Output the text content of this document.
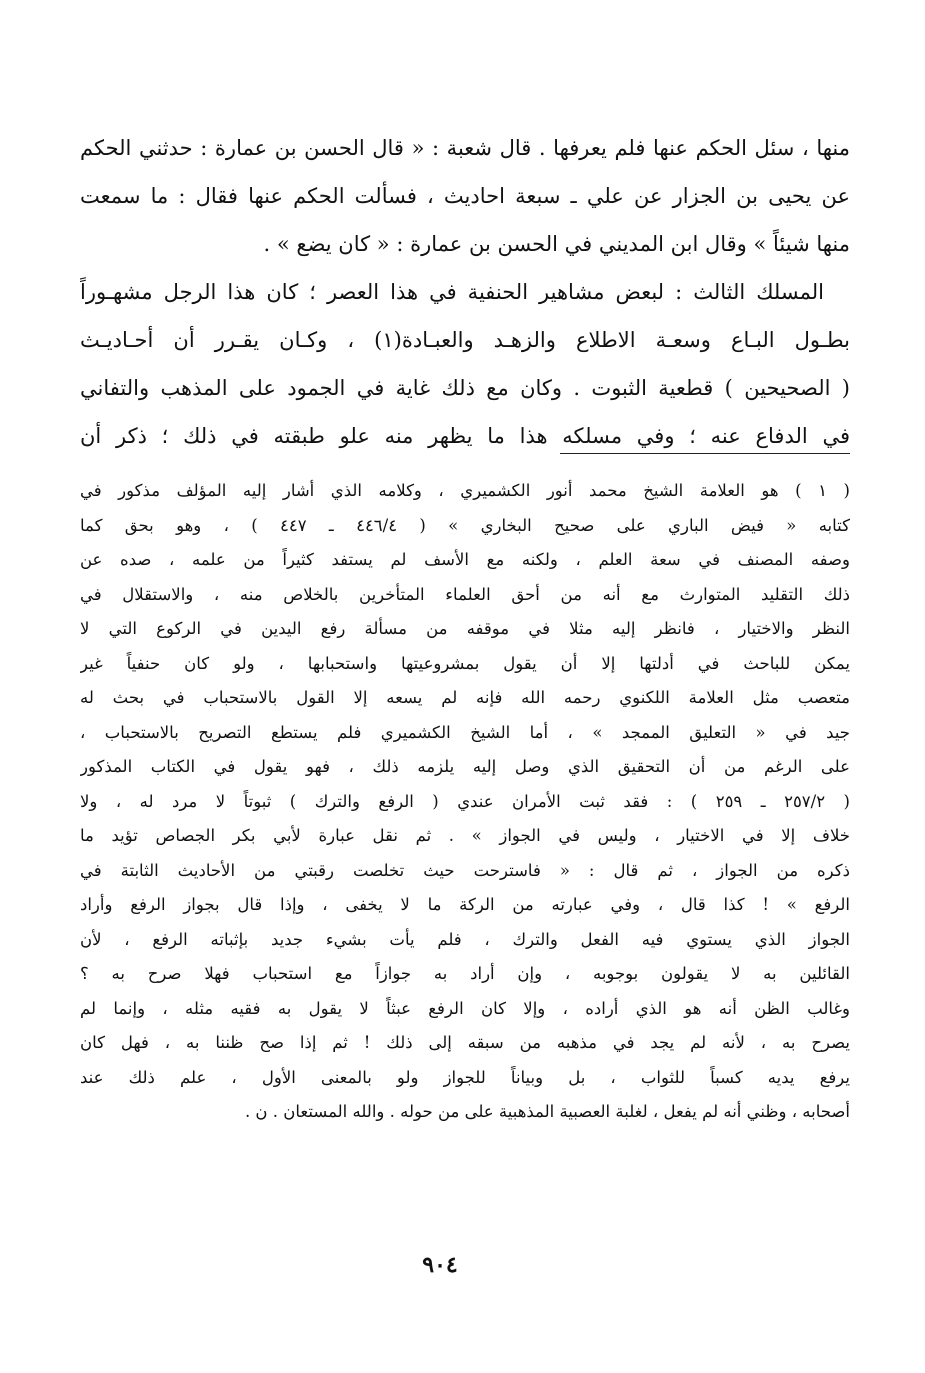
منها ، سئل الحكم عنها فلم يعرفها . قال شعبة : « قال الحسن بن عمارة : حدثني الحكم
عن يحيى بن الجزار عن علي ـ سبعة احاديث ، فسألت الحكم عنها فقال : ما سمعت
منها شيئاً » وقال ابن المديني في الحسن بن عمارة : « كان يضع » .
المسلك الثالث : لبعض مشاهير الحنفية في هذا العصر ؛ كان هذا الرجل مشهـوراً
بطـول البـاع وسعـة الاطلاع والزهـد والعبـادة(١) ، وكـان يقـرر أن أحـاديـث
( الصحيحين ) قطعية الثبوت . وكان مع ذلك غاية في الجمود على المذهب والتفاني
في الدفاع عنه ؛ وفي مسلكه هذا ما يظهر منه علو طبقته في ذلك ؛ ذكر أن
( ١ ) هو العلامة الشيخ محمد أنور الكشميري ، وكلامه الذي أشار إليه المؤلف مذكور في
كتابه « فيض الباري على صحيح البخاري » ( ٤٤٦/٤ ـ ٤٤٧ ) ، وهو بحق كما
وصفه المصنف في سعة العلم ، ولكنه مع الأسف لم يستفد كثيراً من علمه ، صده عن
ذلك التقليد المتوارث مع أنه من أحق العلماء المتأخرين بالخلاص منه ، والاستقلال في
النظر والاختيار ، فانظر إليه مثلا في موقفه من مسألة رفع اليدين في الركوع التي لا
يمكن للباحث في أدلتها إلا أن يقول بمشروعيتها واستحبابها ، ولو كان حنفياً غير
متعصب مثل العلامة اللكنوي رحمه الله فإنه لم يسعه إلا القول بالاستحباب في بحث له
جيد في « التعليق الممجد » ، أما الشيخ الكشميري فلم يستطع التصريح بالاستحباب ،
على الرغم من أن التحقيق الذي وصل إليه يلزمه ذلك ، فهو يقول في الكتاب المذكور
( ٢٥٧/٢ ـ ٢٥٩ ) : فقد ثبت الأمران عندي ( الرفع والترك ) ثبوتاً لا مرد له ، ولا
خلاف إلا في الاختيار ، وليس في الجواز » . ثم نقل عبارة لأبي بكر الجصاص تؤيد ما
ذكره من الجواز ، ثم قال : « فاسترحت حيث تخلصت رقبتي من الأحاديث الثابتة في
الرفع » ! كذا قال ، وفي عبارته من الركة ما لا يخفى ، وإذا قال بجواز الرفع وأراد
الجواز الذي يستوي فيه الفعل والترك ، فلم يأت بشيء جديد بإثباته الرفع ، لأن
القائلين به لا يقولون بوجوبه ، وإن أراد به جوازاً مع استحباب فهلا صرح به ؟
وغالب الظن أنه هو الذي أراده ، وإلا كان الرفع عبثاً لا يقول به فقيه مثله ، وإنما لم
يصرح به ، لأنه لم يجد في مذهبه من سبقه إلى ذلك ! ثم إذا صح ظننا به ، فهل كان
يرفع يديه كسباً للثواب ، بل وبياناً للجواز ولو بالمعنى الأول ، علم ذلك عند
أصحابه ، وظني أنه لم يفعل ، لغلبة العصبية المذهبية على من حوله . والله المستعان . ن .
٩٠٤
